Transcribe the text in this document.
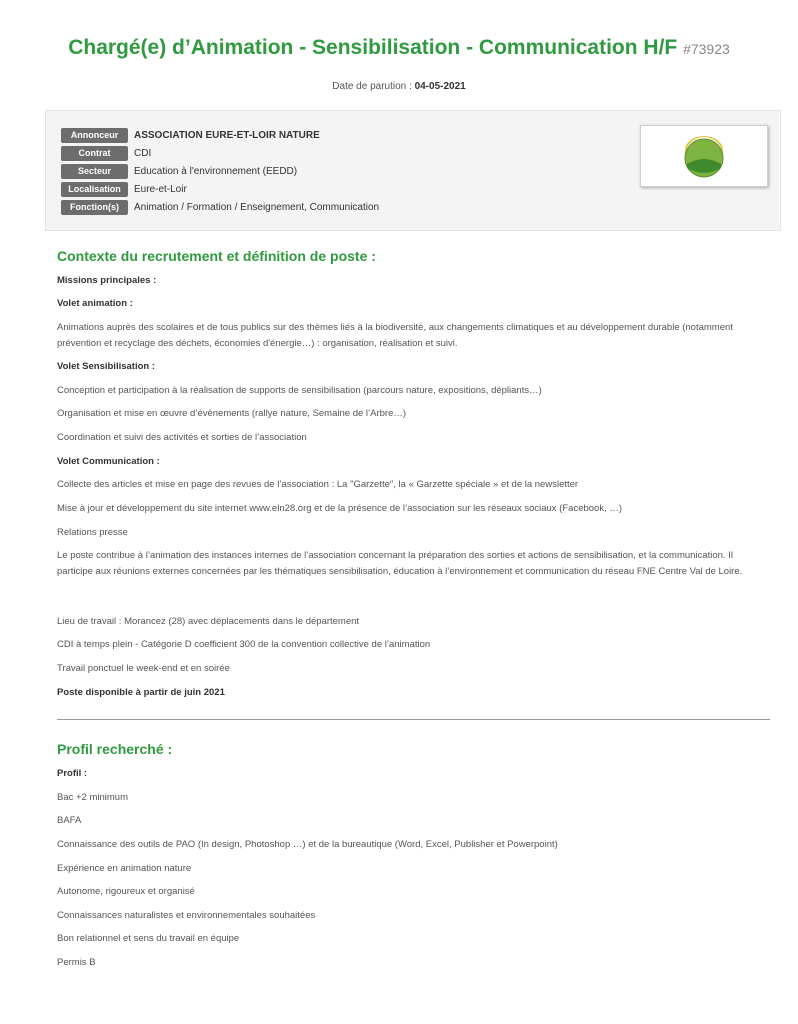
Chargé(e) d’Animation - Sensibilisation - Communication H/F #73923
Date de parution : 04-05-2021
Annonceur	ASSOCIATION EURE-ET-LOIR NATURE
Contrat	CDI
Secteur	Education à l'environnement (EEDD)
Localisation	Eure-et-Loir
Fonction(s)	Animation / Formation / Enseignement, Communication
Contexte du recrutement et définition de poste :
Missions principales :
Volet animation :
Animations auprès des scolaires et de tous publics sur des thèmes liés à la biodiversité, aux changements climatiques et au développement durable (notamment prévention et recyclage des déchets, économies d'énergie…) : organisation, réalisation et suivi.
Volet Sensibilisation :
Conception et participation à la réalisation de supports de sensibilisation (parcours nature, expositions, dépliants…)
Organisation et mise en œuvre d’évènements (rallye nature, Semaine de l’Arbre…)
Coordination et suivi des activités et sorties de l’association
Volet Communication :
Collecte des articles et mise en page des revues de l’association : La "Garzette", la « Garzette spéciale » et de la newsletter
Mise à jour et développement du site internet www.eln28.org et de la présence de l’association sur les réseaux sociaux (Facebook, …)
Relations presse
Le poste contribue à l’animation des instances internes de l’association concernant la préparation des sorties et actions de sensibilisation, et la communication. Il participe aux réunions externes concernées par les thématiques sensibilisation, éducation à l’environnement et communication du réseau FNE Centre Val de Loire.
Lieu de travail : Morancez (28) avec déplacements dans le département
CDI à temps plein - Catégorie D coefficient 300 de la convention collective de l’animation
Travail ponctuel le week-end et en soirée
Poste disponible à partir de juin 2021
Profil recherché :
Profil :
Bac +2 minimum
BAFA
Connaissance des outils de PAO (In design, Photoshop …) et de la bureautique (Word, Excel, Publisher et Powerpoint)
Expérience en animation nature
Autonome, rigoureux et organisé
Connaissances naturalistes et environnementales souhaitées
Bon relationnel et sens du travail en équipe
Permis B
